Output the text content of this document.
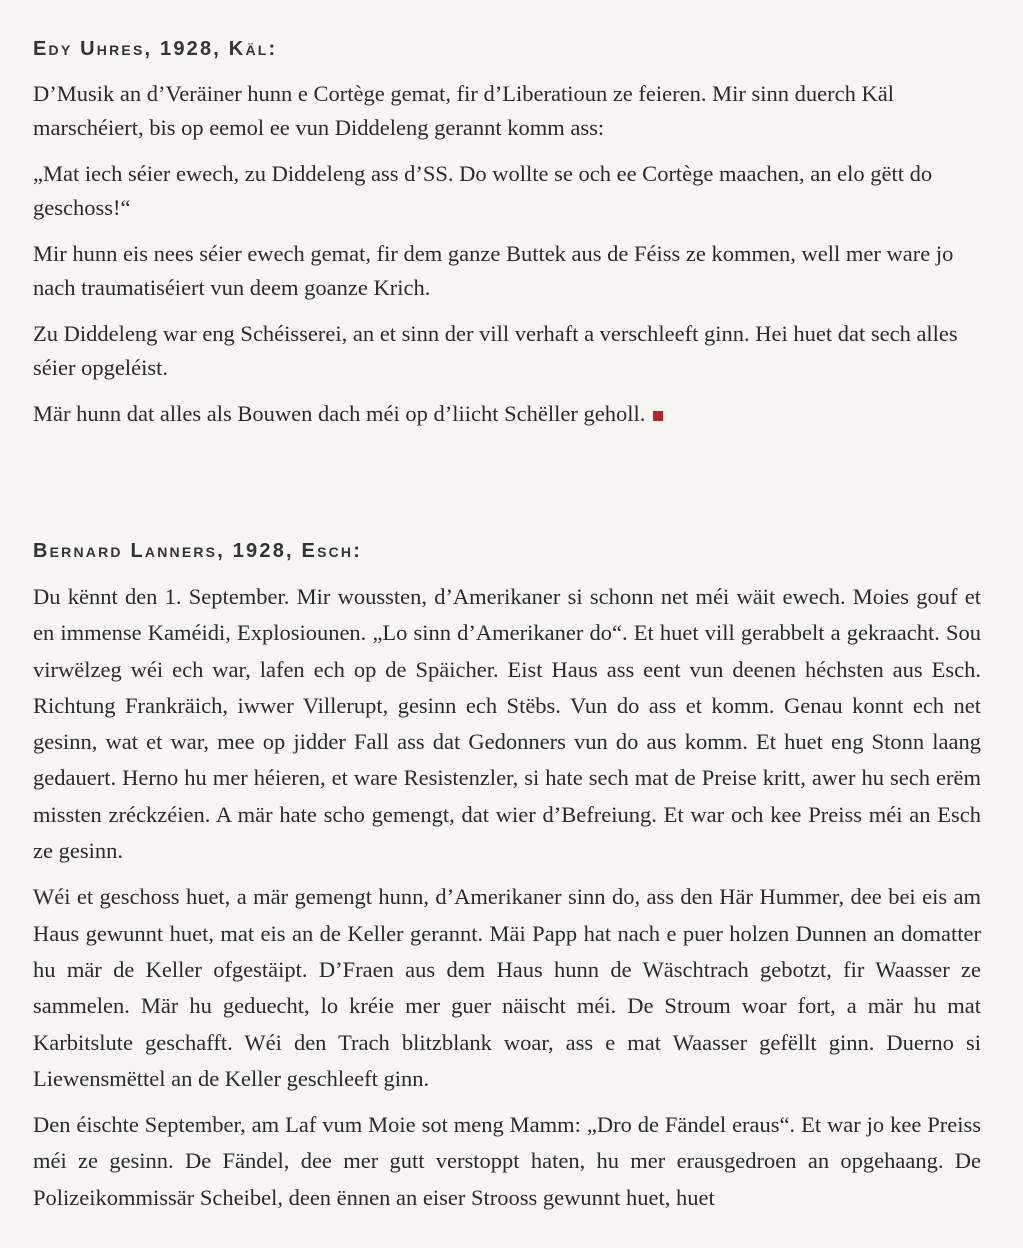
Edy Uhres, 1928, Käl:

D’Musik an d’Veräiner hunn e Cortège gemat, fir d’Liberatioun ze feieren. Mir sinn duerch Käl marschéiert, bis op eemol ee vun Diddeleng gerannt komm ass:

„Mat iech séier ewech, zu Diddeleng ass d’SS. Do wollte se och ee Cortège maachen, an elo gëtt do geschoss!“

Mir hunn eis nees séier ewech gemat, fir dem ganze Buttek aus de Féiss ze kommen, well mer ware jo nach traumatiséiert vun deem goanze Krich.

Zu Diddeleng war eng Schéisserei, an et sinn der vill verhaft a verschleeft ginn. Hei huet dat sech alles séier opgeléist.

Mär hunn dat alles als Bouwen dach méi op d’liicht Schëller geholl.

Bernard Lanners, 1928, Esch:

Du kënnt den 1. September. Mir woussten, d’Amerikaner si schonn net méi wäit ewech. Moies gouf et en immense Kaméidi, Explosiounen. „Lo sinn d’Amerikaner do“. Et huet vill gerabbelt a gekraacht. Sou virwëlzeg wéi ech war, lafen ech op de Späicher. Eist Haus ass eent vun deenen héchsten aus Esch. Richtung Frankräich, iwwer Villerupt, gesinn ech Stëbs. Vun do ass et komm. Genau konnt ech net gesinn, wat et war, mee op jidder Fall ass dat Gedonners vun do aus komm. Et huet eng Stonn laang gedauert. Herno hu mer héieren, et ware Resistenzler, si hate sech mat de Preise kritt, awer hu sech erëm missten zréckzéien. A mär hate scho gemengt, dat wier d’Befreiung. Et war och kee Preiss méi an Esch ze gesinn.

Wéi et geschoss huet, a mär gemengt hunn, d’Amerikaner sinn do, ass den Här Hummer, dee bei eis am Haus gewunnt huet, mat eis an de Keller gerannt. Mäi Papp hat nach e puer holzen Dunnen an domatter hu mär de Keller ofgestäipt. D’Fraen aus dem Haus hunn de Wäschtrach gebotzt, fir Waasser ze sammelen. Mär hu geduecht, lo kréie mer guer näischt méi. De Stroum woar fort, a mär hu mat Karbitslute geschafft. Wéi den Trach blitzblank woar, ass e mat Waasser gefëllt ginn. Duerno si Liewensmëttel an de Keller geschleeft ginn.

Den éischte September, am Laf vum Moie sot meng Mamm: „Dro de Fändel eraus“. Et war jo kee Preiss méi ze gesinn. De Fändel, dee mer gutt verstoppt haten, hu mer erausgedroen an opgehaang. De Polizeikommissär Scheibel, deen ënnen an eiser Strooss gewunnt huet, huet
